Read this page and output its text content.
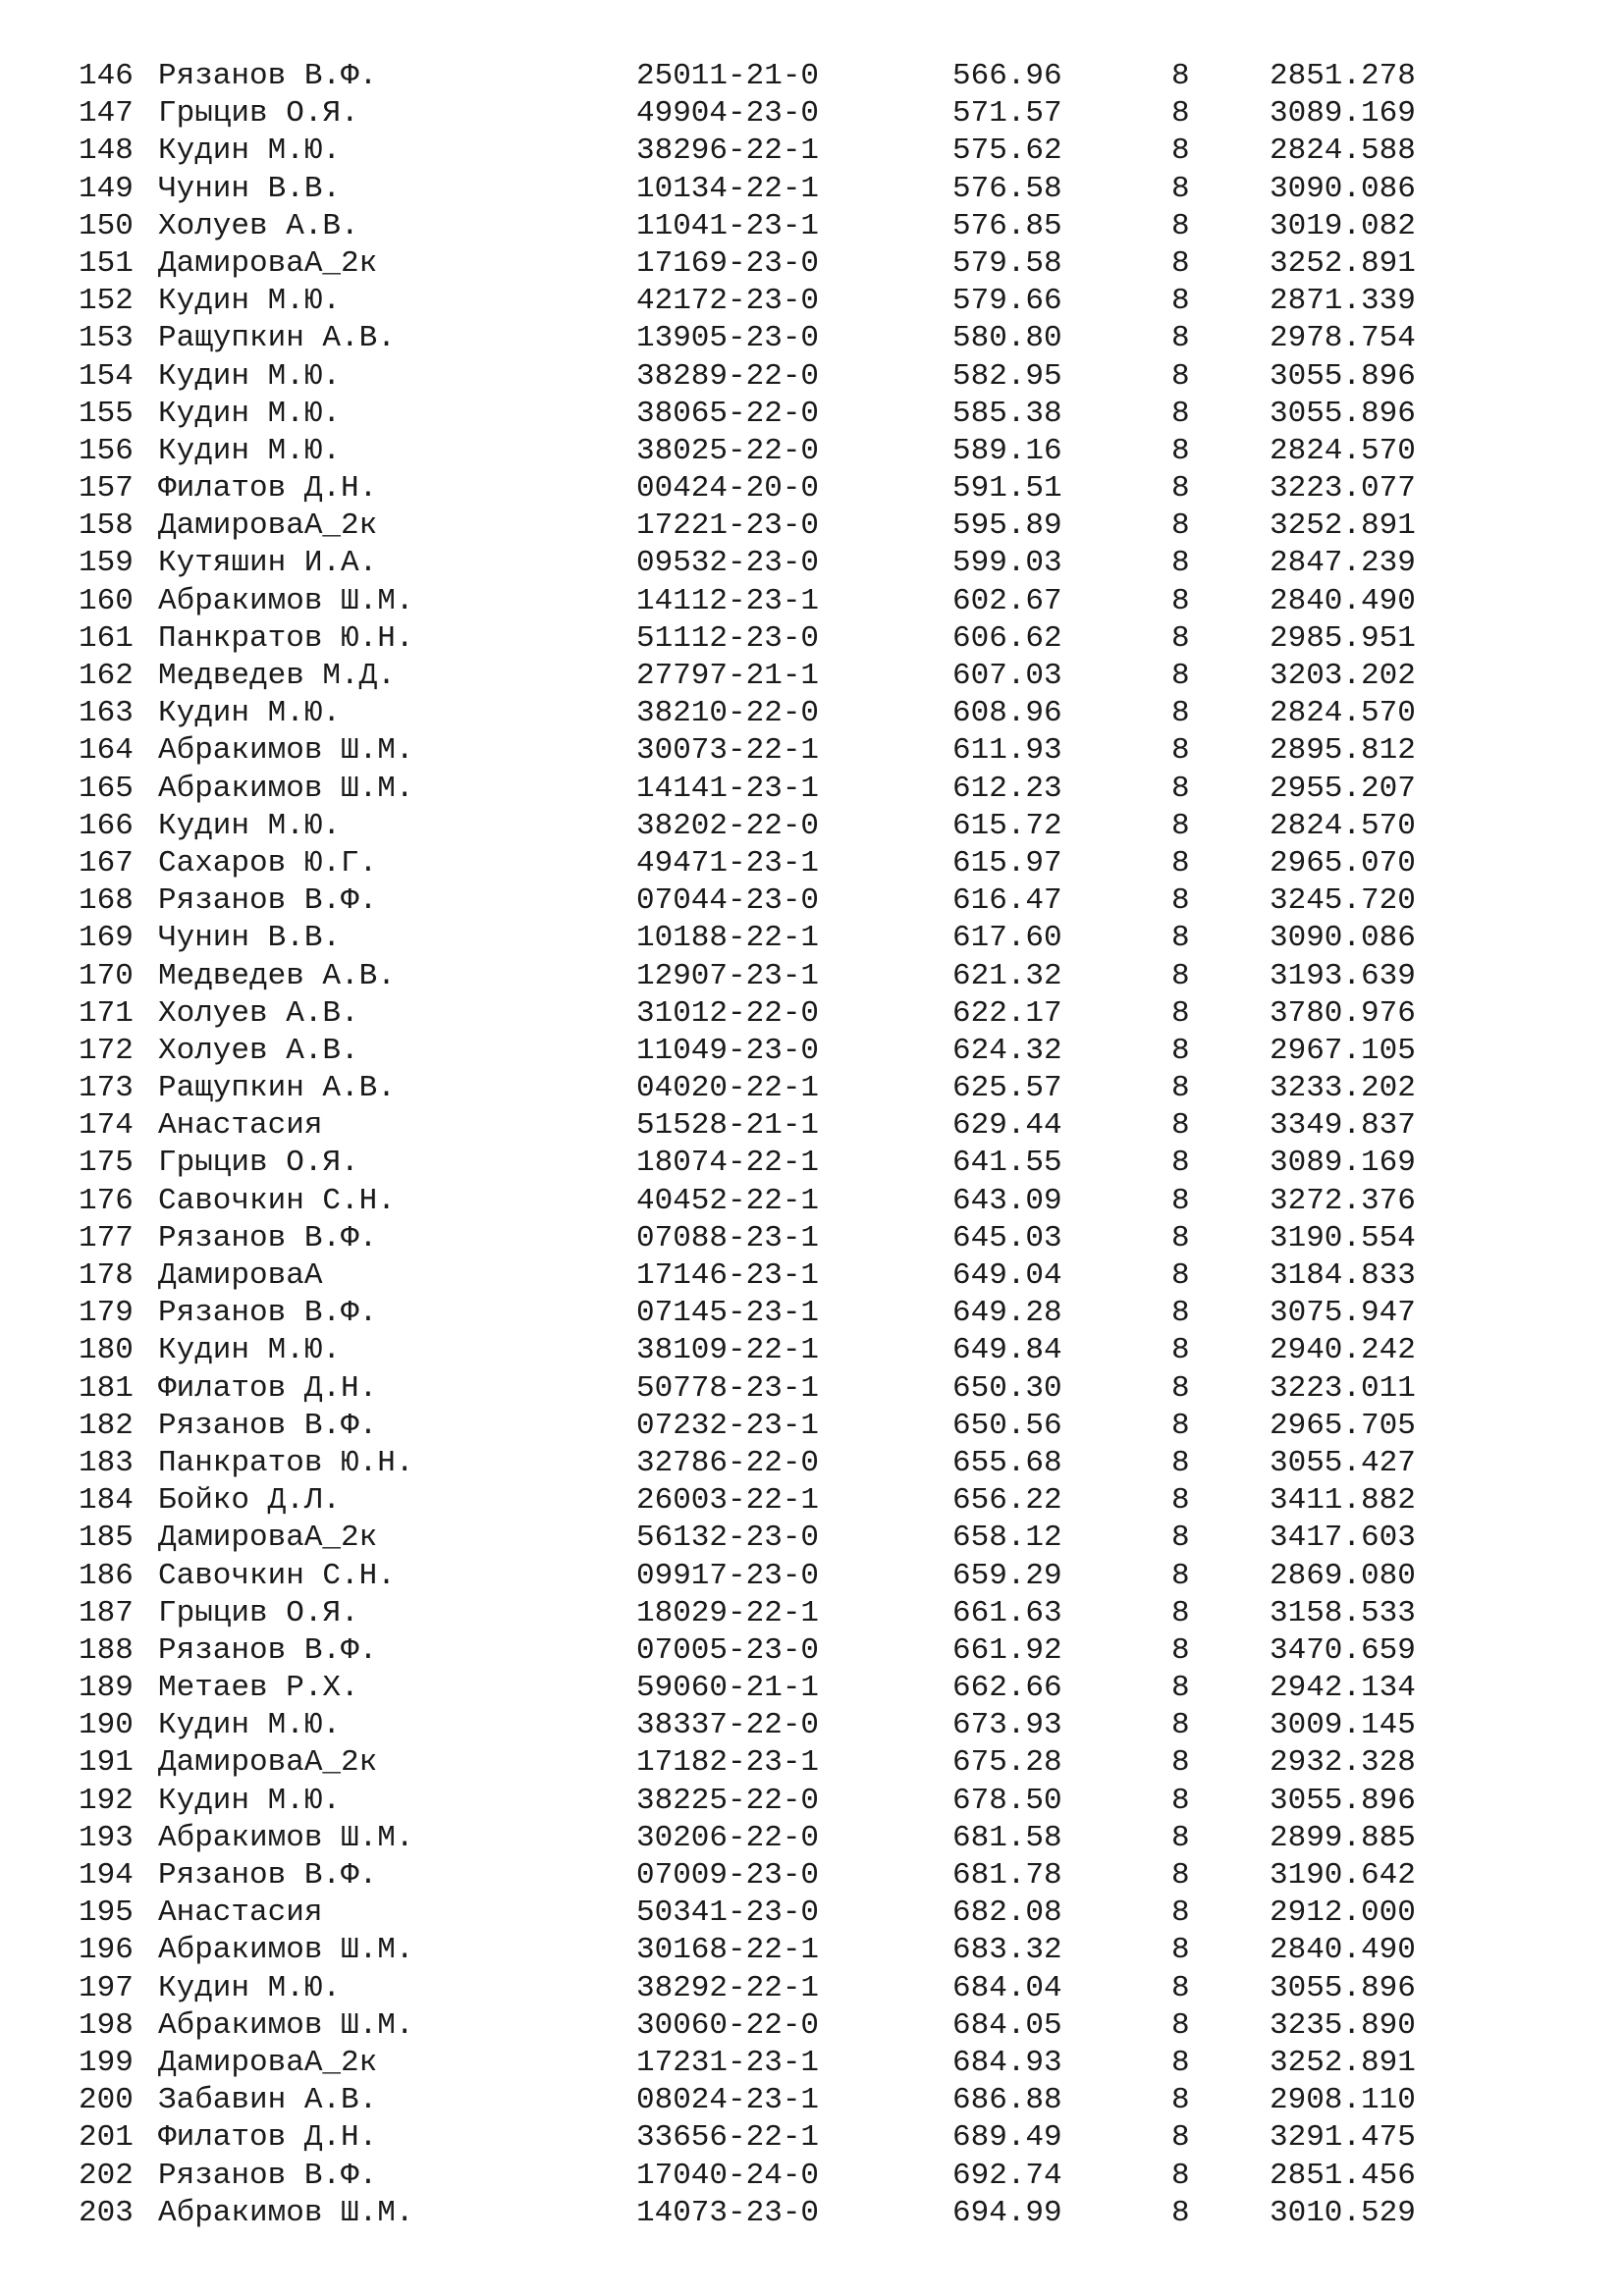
146 Рязанов В.Ф.	25011-21-0	566.96	8	2851.278
147 Грыцив О.Я.	49904-23-0	571.57	8	3089.169
148 Кудин М.Ю.	38296-22-1	575.62	8	2824.588
149 Чунин В.В.	10134-22-1	576.58	8	3090.086
150 Холуев А.В.	11041-23-1	576.85	8	3019.082
151 ДамироваА_2к	17169-23-0	579.58	8	3252.891
152 Кудин М.Ю.	42172-23-0	579.66	8	2871.339
153 Ращупкин А.В.	13905-23-0	580.80	8	2978.754
154 Кудин М.Ю.	38289-22-0	582.95	8	3055.896
155 Кудин М.Ю.	38065-22-0	585.38	8	3055.896
156 Кудин М.Ю.	38025-22-0	589.16	8	2824.570
157 Филатов Д.Н.	00424-20-0	591.51	8	3223.077
158 ДамироваА_2к	17221-23-0	595.89	8	3252.891
159 Кутяшин И.А.	09532-23-0	599.03	8	2847.239
160 Абракимов Ш.М.	14112-23-1	602.67	8	2840.490
161 Панкратов Ю.Н.	51112-23-0	606.62	8	2985.951
162 Медведев М.Д.	27797-21-1	607.03	8	3203.202
163 Кудин М.Ю.	38210-22-0	608.96	8	2824.570
164 Абракимов Ш.М.	30073-22-1	611.93	8	2895.812
165 Абракимов Ш.М.	14141-23-1	612.23	8	2955.207
166 Кудин М.Ю.	38202-22-0	615.72	8	2824.570
167 Сахаров Ю.Г.	49471-23-1	615.97	8	2965.070
168 Рязанов В.Ф.	07044-23-0	616.47	8	3245.720
169 Чунин В.В.	10188-22-1	617.60	8	3090.086
170 Медведев А.В.	12907-23-1	621.32	8	3193.639
171 Холуев А.В.	31012-22-0	622.17	8	3780.976
172 Холуев А.В.	11049-23-0	624.32	8	2967.105
173 Ращупкин А.В.	04020-22-1	625.57	8	3233.202
174 Анастасия	51528-21-1	629.44	8	3349.837
175 Грыцив О.Я.	18074-22-1	641.55	8	3089.169
176 Савочкин С.Н.	40452-22-1	643.09	8	3272.376
177 Рязанов В.Ф.	07088-23-1	645.03	8	3190.554
178 ДамироваА	17146-23-1	649.04	8	3184.833
179 Рязанов В.Ф.	07145-23-1	649.28	8	3075.947
180 Кудин М.Ю.	38109-22-1	649.84	8	2940.242
181 Филатов Д.Н.	50778-23-1	650.30	8	3223.011
182 Рязанов В.Ф.	07232-23-1	650.56	8	2965.705
183 Панкратов Ю.Н.	32786-22-0	655.68	8	3055.427
184 Бойко Д.Л.	26003-22-1	656.22	8	3411.882
185 ДамироваА_2к	56132-23-0	658.12	8	3417.603
186 Савочкин С.Н.	09917-23-0	659.29	8	2869.080
187 Грыцив О.Я.	18029-22-1	661.63	8	3158.533
188 Рязанов В.Ф.	07005-23-0	661.92	8	3470.659
189 Метаев Р.Х.	59060-21-1	662.66	8	2942.134
190 Кудин М.Ю.	38337-22-0	673.93	8	3009.145
191 ДамироваА_2к	17182-23-1	675.28	8	2932.328
192 Кудин М.Ю.	38225-22-0	678.50	8	3055.896
193 Абракимов Ш.М.	30206-22-0	681.58	8	2899.885
194 Рязанов В.Ф.	07009-23-0	681.78	8	3190.642
195 Анастасия	50341-23-0	682.08	8	2912.000
196 Абракимов Ш.М.	30168-22-1	683.32	8	2840.490
197 Кудин М.Ю.	38292-22-1	684.04	8	3055.896
198 Абракимов Ш.М.	30060-22-0	684.05	8	3235.890
199 ДамироваА_2к	17231-23-1	684.93	8	3252.891
200 Забавин А.В.	08024-23-1	686.88	8	2908.110
201 Филатов Д.Н.	33656-22-1	689.49	8	3291.475
202 Рязанов В.Ф.	17040-24-0	692.74	8	2851.456
203 Абракимов Ш.М.	14073-23-0	694.99	8	3010.529
